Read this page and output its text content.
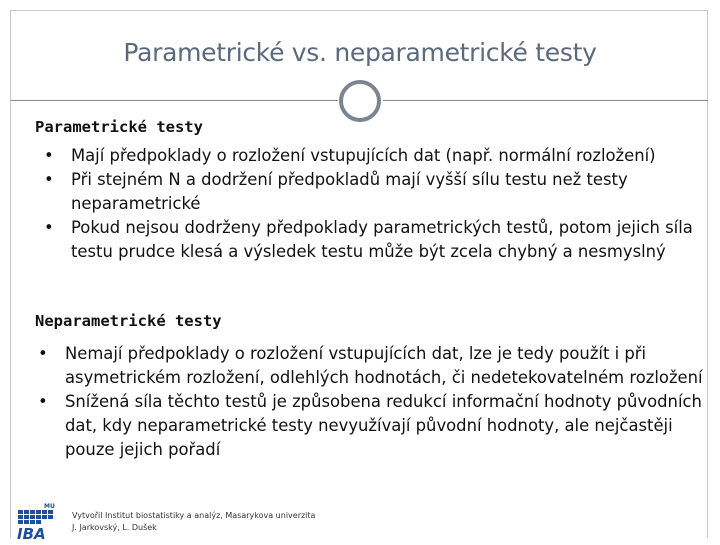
Parametrické vs. neparametrické testy
Parametrické testy
• Mají předpoklady o rozložení vstupujících dat (např. normální rozložení)
• Při stejném N a dodržení předpokladů mají vyšší sílu testu než testy neparametrické
• Pokud nejsou dodrženy předpoklady parametrických testů, potom jejich síla testu prudce klesá a výsledek testu může být zcela chybný a nesmyslný
Neparametrické testy
• Nemají předpoklady o rozložení vstupujících dat, lze je tedy použít i při asymetrickém rozložení, odlehlých hodnotách, či nedetekovatelném rozložení
• Snížená síla těchto testů je způsobena redukcí informační hodnoty původních dat, kdy neparametrické testy nevyužívají původní hodnoty, ale nejčastěji pouze jejich pořadí
MU
IBA
Vytvořil Institut biostatistiky a analýz, Masarykova univerzita
J. Jarkovský, L. Dušek
